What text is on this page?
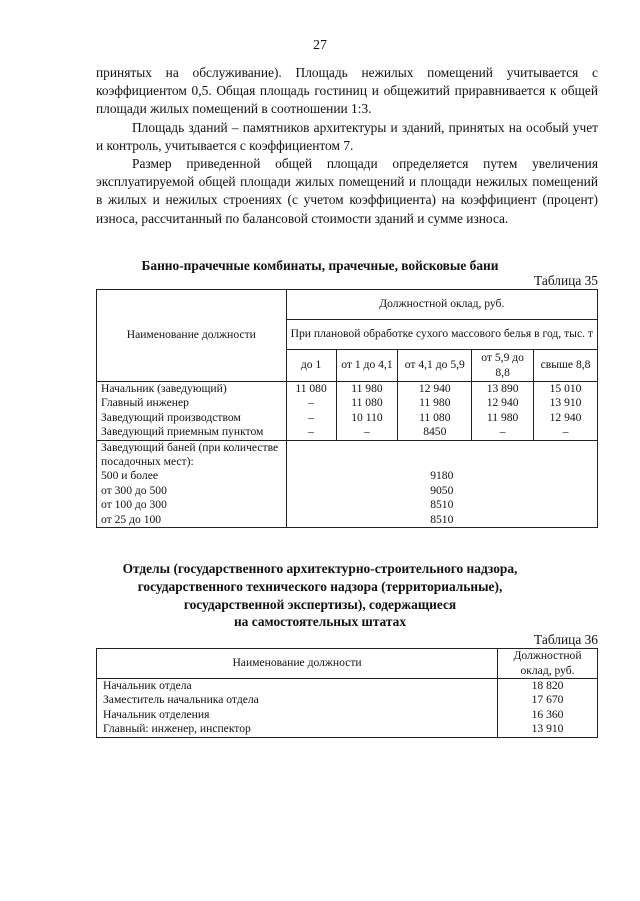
27

принятых на обслуживание). Площадь нежилых помещений учитывается с коэффициентом 0,5. Общая площадь гостиниц и общежитий приравнивается к общей площади жилых помещений в соотношении 1:3.

Площадь зданий – памятников архитектуры и зданий, принятых на особый учет и контроль, учитывается с коэффициентом 7.

Размер приведенной общей площади определяется путем увеличения эксплуатируемой общей площади жилых помещений и площади нежилых помещений в жилых и нежилых строениях (с учетом коэффициента) на коэффициент (процент) износа, рассчитанный по балансовой стоимости зданий и сумме износа.

Банно-прачечные комбинаты, прачечные, войсковые бани
Таблица 35
Наименование должности	Должностной оклад, руб.				
	При плановой обработке сухого массового белья в год, тыс. т				
	до 1	от 1 до 4,1	от 4,1 до 5,9	от 5,9 до 8,8	свыше 8,8
Начальник (заведующий)	11 080	11 980	12 940	13 890	15 010
Главный инженер	–	11 080	11 980	12 940	13 910
Заведующий производством	–	10 110	11 080	11 980	12 940
Заведующий приемным пунктом	–	–	8450	–	–
Заведующий баней (при количестве посадочных мест):					
500 и более	9180				
от 300 до 500	9050				
от 100 до 300	8510				
от 25 до 100	8510				
Отделы (государственного архитектурно-строительного надзора,
государственного технического надзора (территориальные),
государственной экспертизы), содержащиеся
на самостоятельных штатах
Таблица 36
Наименование должности	Должностной оклад, руб.
Начальник отдела	18 820
Заместитель начальника отдела	17 670
Начальник отделения	16 360
Главный: инженер, инспектор	13 910
